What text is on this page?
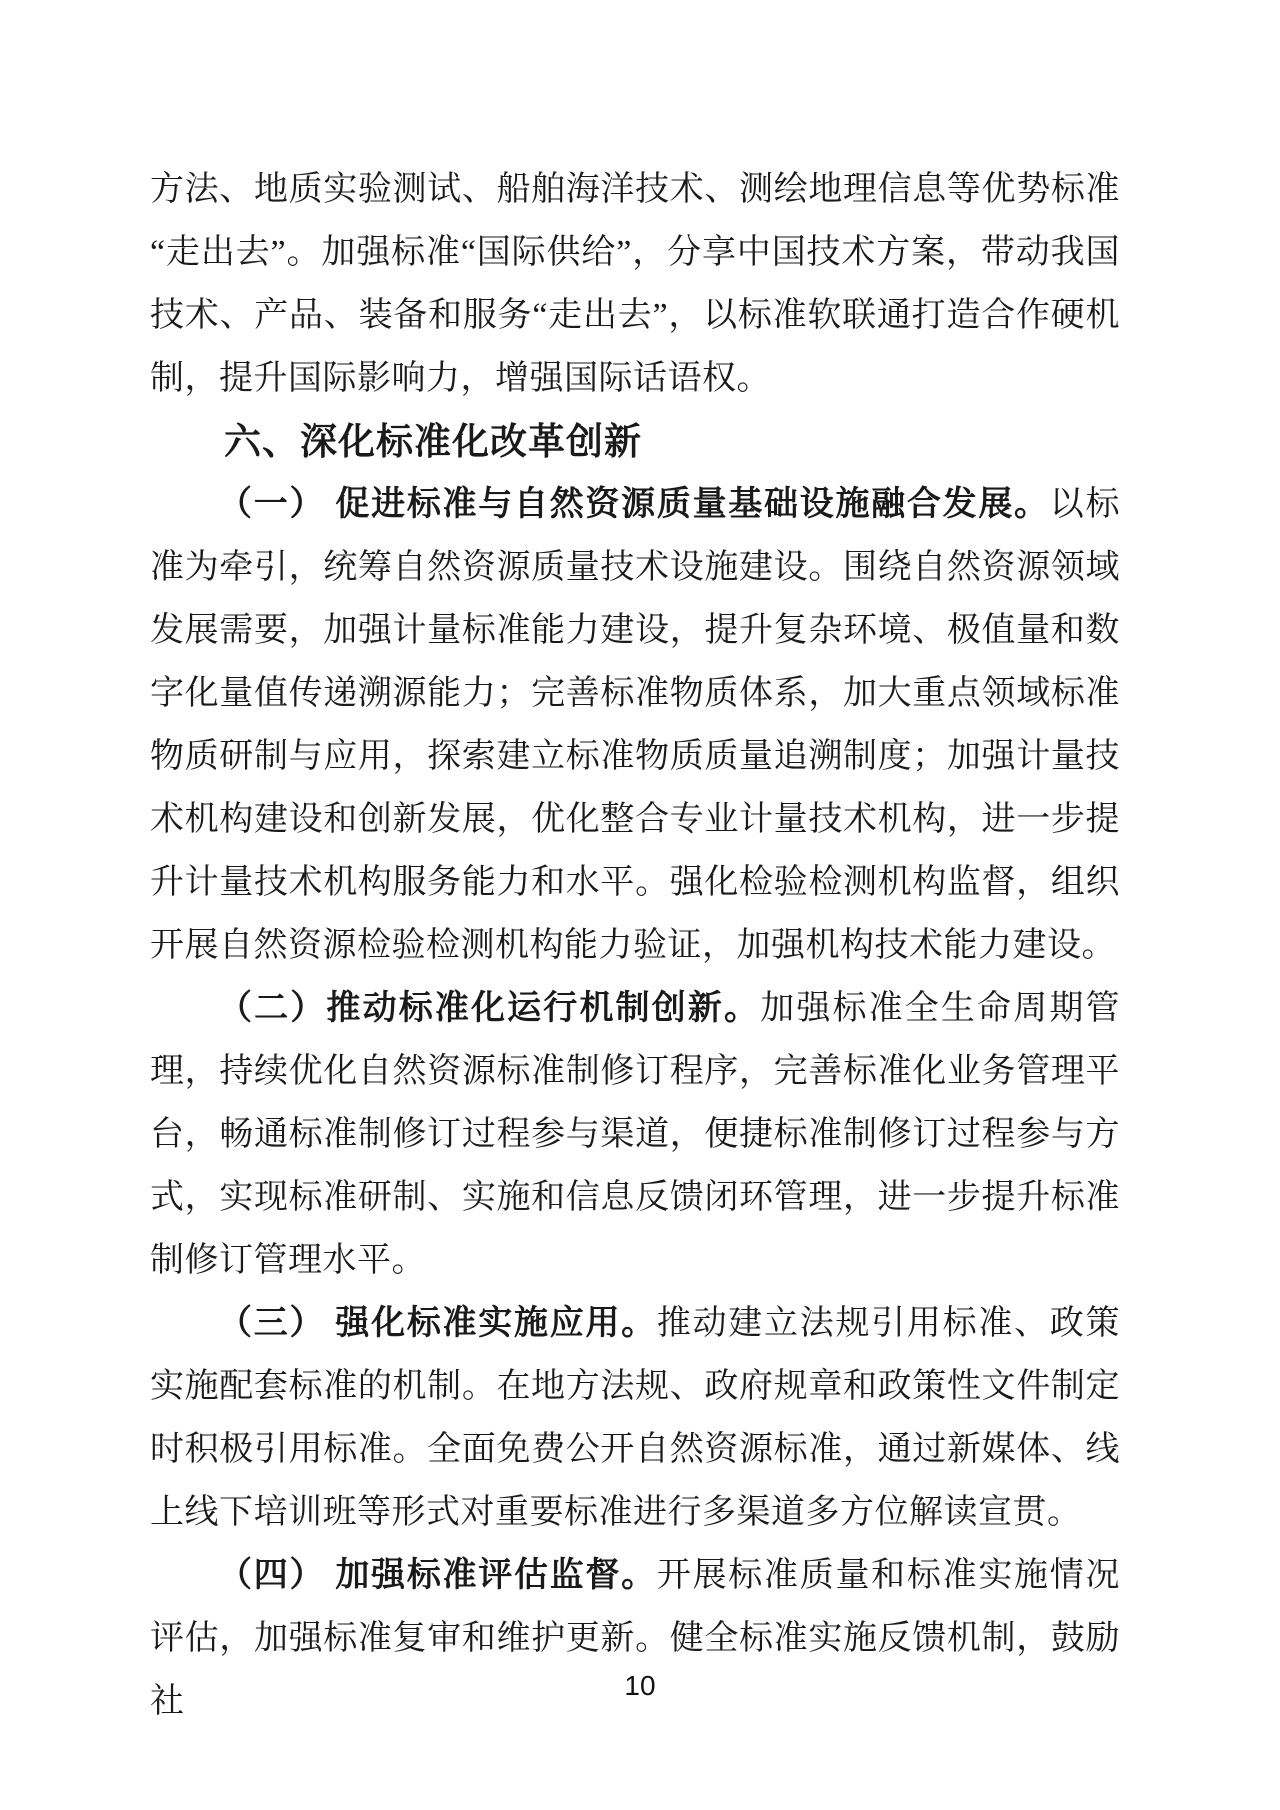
方法、地质实验测试、船舶海洋技术、测绘地理信息等优势标准“走出去”。加强标准“国际供给”，分享中国技术方案，带动我国技术、产品、装备和服务“走出去”，以标准软联通打造合作硬机制，提升国际影响力，增强国际话语权。

六、深化标准化改革创新

（一） 促进标准与自然资源质量基础设施融合发展。以标准为牵引，统筹自然资源质量技术设施建设。围绕自然资源领域发展需要，加强计量标准能力建设，提升复杂环境、极值量和数字化量值传递溯源能力；完善标准物质体系，加大重点领域标准物质研制与应用，探索建立标准物质质量追溯制度；加强计量技术机构建设和创新发展，优化整合专业计量技术机构，进一步提升计量技术机构服务能力和水平。强化检验检测机构监督，组织开展自然资源检验检测机构能力验证，加强机构技术能力建设。

（二）推动标准化运行机制创新。加强标准全生命周期管理，持续优化自然资源标准制修订程序，完善标准化业务管理平台，畅通标准制修订过程参与渠道，便捷标准制修订过程参与方式，实现标准研制、实施和信息反馈闭环管理，进一步提升标准制修订管理水平。

（三） 强化标准实施应用。推动建立法规引用标准、政策实施配套标准的机制。在地方法规、政府规章和政策性文件制定时积极引用标准。全面免费公开自然资源标准，通过新媒体、线上线下培训班等形式对重要标准进行多渠道多方位解读宣贯。

（四） 加强标准评估监督。开展标准质量和标准实施情况评估，加强标准复审和维护更新。健全标准实施反馈机制，鼓励社	10
